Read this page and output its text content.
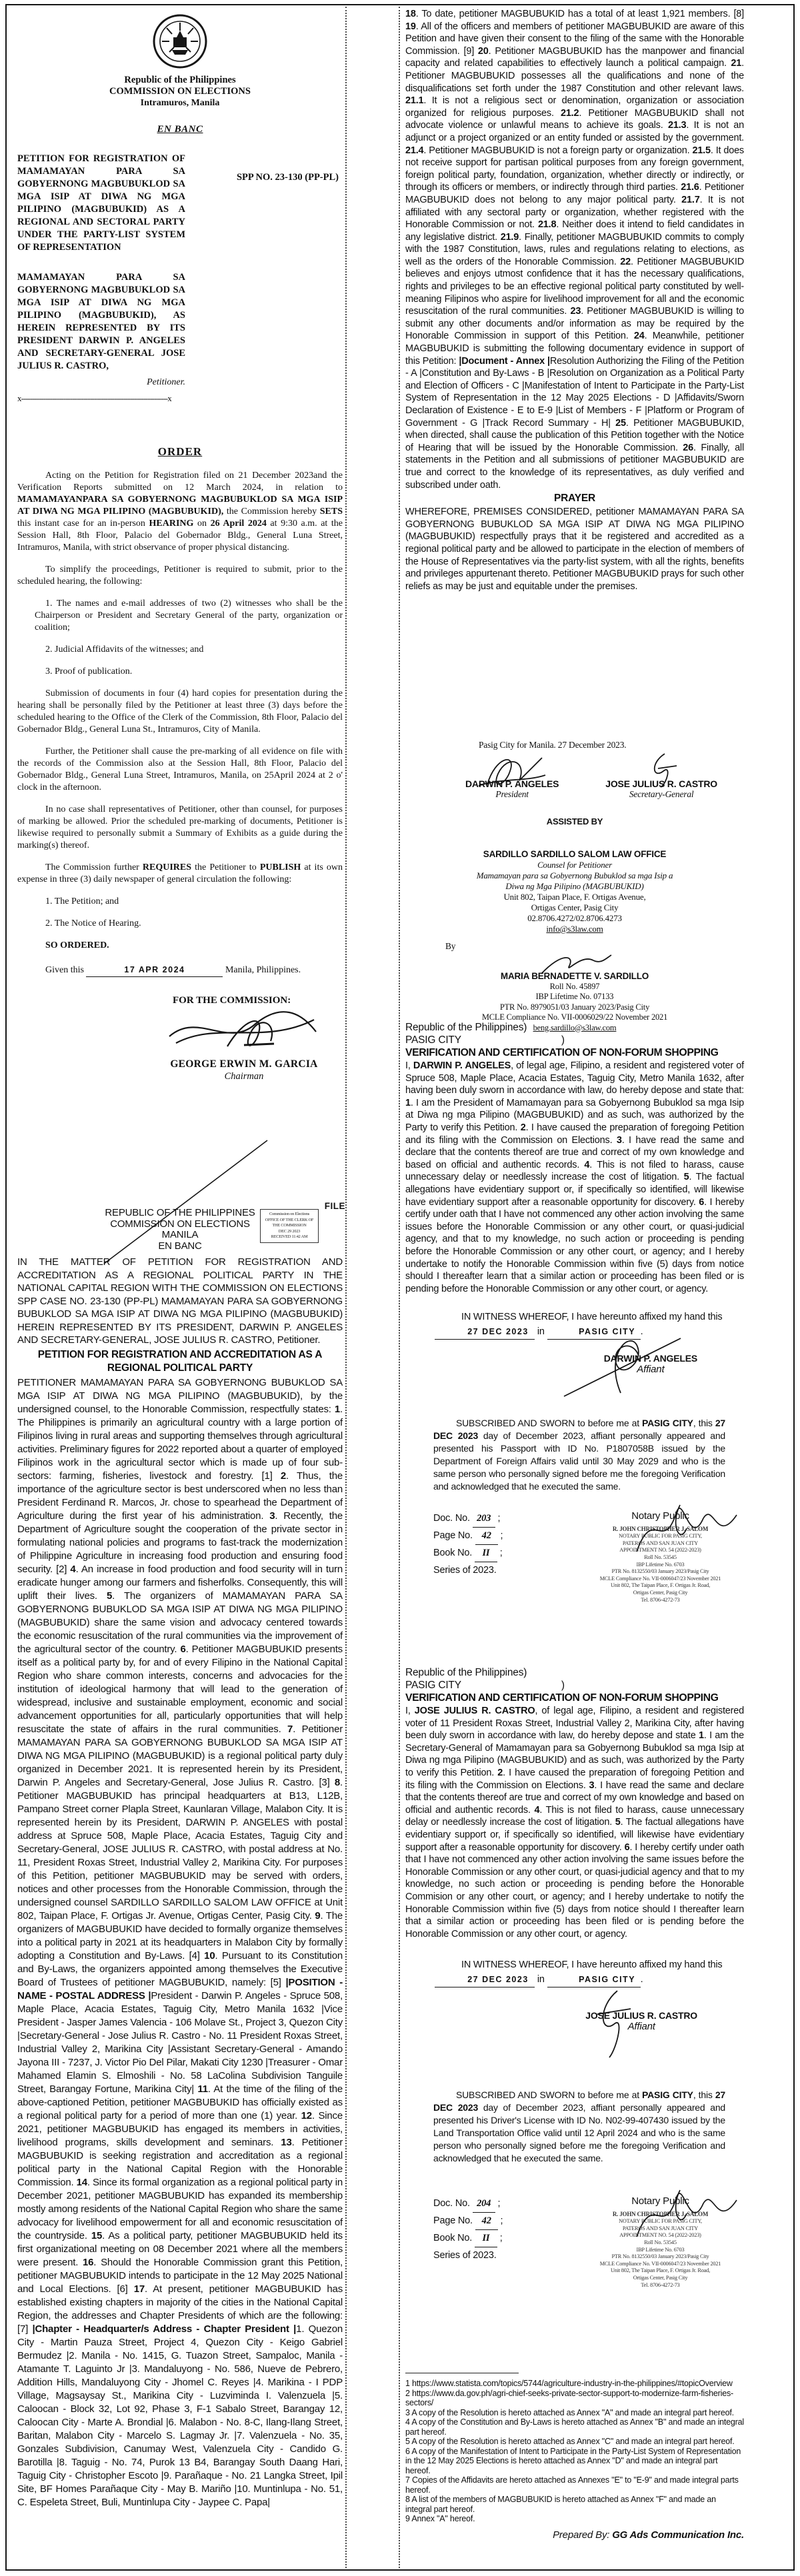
Republic of the Philippines
COMMISSION ON ELECTIONS
Intramuros, Manila
EN BANC
PETITION FOR REGISTRATION OF MAMAMAYAN PARA SA GOBYERNONG MAGBUBUKLOD SA MGA ISIP AT DIWA NG MGA PILIPINO (MAGBUBUKID) AS A REGIONAL AND SECTORAL PARTY UNDER THE PARTY-LIST SYSTEM OF REPRESENTATION
SPP NO. 23-130 (PP-PL)
MAMAMAYAN PARA SA GOBYERNONG MAGBUBUKLOD SA MGA ISIP AT DIWA NG MGA PILIPINO (MAGBUBUKID), AS HEREIN REPRESENTED BY ITS PRESIDENT DARWIN P. ANGELES AND SECRETARY-GENERAL JOSE JULIUS R. CASTRO,
Petitioner.
x------------------------------------------------------------------x
ORDER

Acting on the Petition for Registration filed on 21 December 2023and the Verification Reports submitted on 12 March 2024, in relation to MAMAMAYANPARA SA GOBYERNONG MAGBUBUKLOD SA MGA ISIP AT DIWA NG MGA PILIPINO (MAGBUBUKID), the Commission hereby SETS this instant case for an in-person HEARING on 26 April 2024 at 9:30 a.m. at the Session Hall, 8th Floor, Palacio del Gobernador Bldg., General Luna Street, Intramuros, Manila, with strict observance of proper physical distancing.

To simplify the proceedings, Petitioner is required to submit, prior to the scheduled hearing, the following:

1. The names and e-mail addresses of two (2) witnesses who shall be the Chairperson or President and Secretary General of the party, organization or coalition;

2. Judicial Affidavits of the witnesses; and

3. Proof of publication.

Submission of documents in four (4) hard copies for presentation during the hearing shall be personally filed by the Petitioner at least three (3) days before the scheduled hearing to the Office of the Clerk of the Commission, 8th Floor, Palacio del Gobernador Bldg., General Luna St., Intramuros, City of Manila.

Further, the Petitioner shall cause the pre-marking of all evidence on file with the records of the Commission also at the Session Hall, 8th Floor, Palacio del Gobernador Bldg., General Luna Street, Intramuros, Manila, on 25April 2024 at 2 o' clock in the afternoon.

In no case shall representatives of Petitioner, other than counsel, for purposes of marking be allowed. Prior the scheduled pre-marking of documents, Petitioner is likewise required to personally submit a Summary of Exhibits as a guide during the marking(s) thereof.

The Commission further REQUIRES the Petitioner to PUBLISH at its own expense in three (3) daily newspaper of general circulation the following:

1. The Petition; and

2. The Notice of Hearing.

SO ORDERED.

Given this	17 APR 2024	Manila, Philippines.

FOR THE COMMISSION:
GEORGE ERWIN M. GARCIA
Chairman
FILE
Commission on Elections
OFFICE OF THE CLERK OF THE COMMISSION
DEC 29 2023
RECEIVED 11:42 AM
REPUBLIC OF THE PHILIPPINES
COMMISSION ON ELECTIONS
MANILA
EN BANC
IN THE MATTER OF PETITION FOR REGISTRATION AND ACCREDITATION AS A REGIONAL POLITICAL PARTY IN THE NATIONAL CAPITAL REGION WITH THE COMMISSION ON ELECTIONS SPP CASE NO. 23-130 (PP-PL) MAMAMAYAN PARA SA GOBYERNONG BUBUKLOD SA MGA ISIP AT DIWA NG MGA PILIPINO (MAGBUBUKID) HEREIN REPRESENTED BY ITS PRESIDENT, DARWIN P. ANGELES AND SECRETARY-GENERAL, JOSE JULIUS R. CASTRO, Petitioner.
PETITION FOR REGISTRATION AND ACCREDITATION AS A REGIONAL POLITICAL PARTY
PETITIONER MAMAMAYAN PARA SA GOBYERNONG BUBUKLOD SA MGA ISIP AT DIWA NG MGA PILIPINO (MAGBUBUKID), by the undersigned counsel, to the Honorable Commission, respectfully states: 1. The Philippines is primarily an agricultural country with a large portion of Filipinos living in rural areas and supporting themselves through agricultural activities. Preliminary figures for 2022 reported about a quarter of employed Filipinos work in the agricultural sector which is made up of four sub-sectors: farming, fisheries, livestock and forestry. [1] 2. Thus, the importance of the agriculture sector is best underscored when no less than President Ferdinand R. Marcos, Jr. chose to spearhead the Department of Agriculture during the first year of his administration. 3. Recently, the Department of Agriculture sought the cooperation of the private sector in formulating national policies and programs to fast-track the modernization of Philippine Agriculture in increasing food production and ensuring food security. [2] 4. An increase in food production and food security will in turn eradicate hunger among our farmers and fisherfolks. Consequently, this will uplift their lives. 5. The organizers of MAMAMAYAN PARA SA GOBYERNONG BUBUKLOD SA MGA ISIP AT DIWA NG MGA PILIPINO (MAGBUBUKID) share the same vision and advocacy centered towards the economic resuscitation of the rural communities via the improvement of the agricultural sector of the country. 6. Petitioner MAGBUBUKID presents itself as a political party by, for and of every Filipino in the National Capital Region who share common interests, concerns and advocacies for the institution of ideological harmony that will lead to the generation of widespread, inclusive and sustainable employment, economic and social advancement opportunities for all, particularly opportunities that will help resuscitate the state of affairs in the rural communities. 7. Petitioner MAMAMAYAN PARA SA GOBYERNONG BUBUKLOD SA MGA ISIP AT DIWA NG MGA PILIPINO (MAGBUBUKID) is a regional political party duly organized in December 2021. It is represented herein by its President, Darwin P. Angeles and Secretary-General, Jose Julius R. Castro. [3] 8. Petitioner MAGBUBUKID has principal headquarters at B13, L12B, Pampano Street corner Plapla Street, Kaunlaran Village, Malabon City. It is represented herein by its President, DARWIN P. ANGELES with postal address at Spruce 508, Maple Place, Acacia Estates, Taguig City and Secretary-General, JOSE JULIUS R. CASTRO, with postal address at No. 11, President Roxas Street, Industrial Valley 2, Marikina City. For purposes of this Petition, petitioner MAGBUBUKID may be served with orders, notices and other processes from the Honorable Commission, through the undersigned counsel SARDILLO SARDILLO SALOM LAW OFFICE at Unit 802, Taipan Place, F. Ortigas Jr. Avenue, Ortigas Center, Pasig City. 9. The organizers of MAGBUBUKID have decided to formally organize themselves into a political party in 2021 at its headquarters in Malabon City by formally adopting a Constitution and By-Laws. [4] 10. Pursuant to its Constitution and By-Laws, the organizers appointed among themselves the Executive Board of Trustees of petitioner MAGBUBUKID, namely: [5] |POSITION - NAME - POSTAL ADDRESS |President - Darwin P. Angeles - Spruce 508, Maple Place, Acacia Estates, Taguig City, Metro Manila 1632 |Vice President - Jasper James Valencia - 106 Molave St., Project 3, Quezon City |Secretary-General - Jose Julius R. Castro - No. 11 President Roxas Street, Industrial Valley 2, Marikina City |Assistant Secretary-General - Amando Jayona III - 7237, J. Victor Pio Del Pilar, Makati City 1230 |Treasurer - Omar Mahamed Elamin S. Elmoshili - No. 58 LaColina Subdivision Tanguile Street, Barangay Fortune, Marikina City| 11. At the time of the filing of the above-captioned Petition, petitioner MAGBUBUKID has officially existed as a regional political party for a period of more than one (1) year. 12. Since 2021, petitioner MAGBUBUKID has engaged its members in activities, livelihood programs, skills development and seminars. 13. Petitioner MAGBUBUKID is seeking registration and accreditation as a regional political party in the National Capital Region with the Honorable Commission. 14. Since its formal organization as a regional political party in December 2021, petitioner MAGBUBUKID has expanded its membership mostly among residents of the National Capital Region who share the same advocacy for livelihood empowerment for all and economic resuscitation of the countryside. 15. As a political party, petitioner MAGBUBUKID held its first organizational meeting on 08 December 2021 where all the members were present. 16. Should the Honorable Commission grant this Petition, petitioner MAGBUBUKID intends to participate in the 12 May 2025 National and Local Elections. [6] 17. At present, petitioner MAGBUBUKID has established existing chapters in majority of the cities in the National Capital Region, the addresses and Chapter Presidents of which are the following: [7] |Chapter - Headquarter/s Address - Chapter President |1. Quezon City - Martin Pauza Street, Project 4, Quezon City - Keigo Gabriel Bermudez |2. Manila - No. 1415, G. Tuazon Street, Sampaloc, Manila - Atamante T. Laguinto Jr |3. Mandaluyong - No. 586, Nueve de Pebrero, Addition Hills, Mandaluyong City - Jhomel C. Reyes |4. Marikina - I PDP Village, Magsaysay St., Marikina City - Luzviminda I. Valenzuela |5. Caloocan - Block 32, Lot 92, Phase 3, F-1 Sabalo Street, Barangay 12, Caloocan City - Marte A. Brondial |6. Malabon - No. 8-C, Ilang-Ilang Street, Baritan, Malabon City - Marcelo S. Lagmay Jr. |7. Valenzuela - No. 35, Gonzales Subdivision, Canumay West, Valenzuela City - Candido G. Barotilla |8. Taguig - No. 74, Purok 13 B4, Barangay South Daang Hari, Taguig City - Christopher Escoto |9. Parañaque - No. 21 Langka Street, Ipil Site, BF Homes Parañaque City - May B. Mariño |10. Muntinlupa - No. 51, C. Espeleta Street, Buli, Muntinlupa City - Jaypee C. Papa|
18. To date, petitioner MAGBUBUKID has a total of at least 1,921 members. [8] 19. All of the officers and members of petitioner MAGBUBUKID are aware of this Petition and have given their consent to the filing of the same with the Honorable Commission. [9] 20. Petitioner MAGBUBUKID has the manpower and financial capacity and related capabilities to effectively launch a political campaign. 21. Petitioner MAGBUBUKID possesses all the qualifications and none of the disqualifications set forth under the 1987 Constitution and other relevant laws. 21.1. It is not a religious sect or denomination, organization or association organized for religious purposes. 21.2. Petitioner MAGBUBUKID shall not advocate violence or unlawful means to achieve its goals. 21.3. It is not an adjunct or a project organized or an entity funded or assisted by the government. 21.4. Petitioner MAGBUBUKID is not a foreign party or organization. 21.5. It does not receive support for partisan political purposes from any foreign government, foreign political party, foundation, organization, whether directly or indirectly, or through its officers or members, or indirectly through third parties. 21.6. Petitioner MAGBUBUKID does not belong to any major political party. 21.7. It is not affiliated with any sectoral party or organization, whether registered with the Honorable Commission or not. 21.8. Neither does it intend to field candidates in any legislative district. 21.9. Finally, petitioner MAGBUBUKID commits to comply with the 1987 Constitution, laws, rules and regulations relating to elections, as well as the orders of the Honorable Commission. 22. Petitioner MAGBUBUKID believes and enjoys utmost confidence that it has the necessary qualifications, rights and privileges to be an effective regional political party constituted by well-meaning Filipinos who aspire for livelihood improvement for all and the economic resuscitation of the rural communities. 23. Petitioner MAGBUBUKID is willing to submit any other documents and/or information as may be required by the Honorable Commission in support of this Petition. 24. Meanwhile, petitioner MAGBUBUKID is submitting the following documentary evidence in support of this Petition: |Document - Annex |Resolution Authorizing the Filing of the Petition - A |Constitution and By-Laws - B |Resolution on Organization as a Political Party and Election of Officers - C |Manifestation of Intent to Participate in the Party-List System of Representation in the 12 May 2025 Elections - D |Affidavits/Sworn Declaration of Existence - E to E-9 |List of Members - F |Platform or Program of Government - G |Track Record Summary - H| 25. Petitioner MAGBUBUKID, when directed, shall cause the publication of this Petition together with the Notice of Hearing that will be issued by the Honorable Commission. 26. Finally, all statements in the Petition and all submissions of petitioner MAGBUBUKID are true and correct to the knowledge of its representatives, as duly verified and subscribed under oath.
PRAYER
WHEREFORE, PREMISES CONSIDERED, petitioner MAMAMAYAN PARA SA GOBYERNONG BUBUKLOD SA MGA ISIP AT DIWA NG MGA PILIPINO (MAGBUBUKID) respectfully prays that it be registered and accredited as a regional political party and be allowed to participate in the election of members of the House of Representatives via the party-list system, with all the rights, benefits and privileges appurtenant thereto. Petitioner MAGBUBUKID prays for such other reliefs as may be just and equitable under the premises.
Pasig City for Manila. 27 December 2023.
DARWIN P. ANGELES
President
JOSE JULIUS R. CASTRO
Secretary-General
ASSISTED BY
SARDILLO SARDILLO SALOM LAW OFFICE
Counsel for Petitioner
Mamamayan para sa Gobyernong Bubuklod sa mga Isip a
Diwa ng Mga Pilipino (MAGBUBUKID)
Unit 802, Taipan Place, F. Ortigas Avenue,
Ortigas Center, Pasig City
02.8706.4272/02.8706.4273
info@s3law.com
By
MARIA BERNADETTE V. SARDILLO
Roll No. 45897
IBP Lifetime No. 07133
PTR No. 8979051/03 January 2023/Pasig City
MCLE Compliance No. VII-0006029/22 November 2021
beng.sardillo@s3law.com
Republic of the Philippines)
PASIG CITY	)
VERIFICATION AND CERTIFICATION OF NON-FORUM SHOPPING
I, DARWIN P. ANGELES, of legal age, Filipino, a resident and registered voter of Spruce 508, Maple Place, Acacia Estates, Taguig City, Metro Manila 1632, after having been duly sworn in accordance with law, do hereby depose and state that: 1. I am the President of Mamamayan para sa Gobyernong Bubuklod sa mga Isip at Diwa ng mga Pilipino (MAGBUBUKID) and as such, was authorized by the Party to verify this Petition. 2. I have caused the preparation of foregoing Petition and its filing with the Commission on Elections. 3. I have read the same and declare that the contents thereof are true and correct of my own knowledge and based on official and authentic records. 4. This is not filed to harass, cause unnecessary delay or needlessly increase the cost of litigation. 5. The factual allegations have evidentiary support or, if specifically so identified, will likewise have evidentiary support after a reasonable opportunity for discovery. 6. I hereby certify under oath that I have not commenced any other action involving the same issues before the Honorable Commission or any other court, or quasi-judicial agency, and that to my knowledge, no such action or proceeding is pending before the Honorable Commission or any other court, or agency; and I hereby undertake to notify the Honorable Commission within five (5) days from notice should I thereafter learn that a similar action or proceeding has been filed or is pending before the Honorable Commission or any other court, or agency.
IN WITNESS WHEREOF, I have hereunto affixed my hand this 27 DEC 2023 in	PASIG CITY .
DARWIN P. ANGELES
Affiant
SUBSCRIBED AND SWORN to before me at PASIG CITY, this 27 DEC 2023 day of December 2023, affiant personally appeared and presented his Passport with ID No. P1807058B issued by the Department of Foreign Affairs valid until 30 May 2029 and who is the same person who personally signed before me the foregoing Verification and acknowledged that he executed the same.
Doc. No. 203 ;
Page No. 42 ;
Book No. II ;
Series of 2023.
Notary Public
R. JOHN CHRISTOPHER J. SALOM
NOTARY PUBLIC FOR PASIG CITY,
PATEROS AND SAN JUAN CITY
APPOINTMENT NO. 54 (2022-2023)
Roll No. 53545
IBP Lifetime No. 6703
PTR No. 8132550/03 January 2023/Pasig City
MCLE Compliance No. VII-0006047/23 November 2021
Unit 802, The Taipan Place, F. Ortigas Jr. Road,
Ortigas Center, Pasig City
Tel. 8706-4272-73
Republic of the Philippines)
PASIG CITY	)
VERIFICATION AND CERTIFICATION OF NON-FORUM SHOPPING
I, JOSE JULIUS R. CASTRO, of legal age, Filipino, a resident and registered voter of 11 President Roxas Street, Industrial Valley 2, Marikina City, after having been duly sworn in accordance with law, do hereby depose and state 1. I am the Secretary-General of Mamamayan para sa Gobyernong Bubuklod sa mga Isip at Diwa ng mga Pilipino (MAGBUBUKID) and as such, was authorized by the Party to verify this Petition. 2. I have caused the preparation of foregoing Petition and its filing with the Commission on Elections. 3. I have read the same and declare that the contents thereof are true and correct of my own knowledge and based on official and authentic records. 4. This is not filed to harass, cause unnecessary delay or needlessly increase the cost of litigation. 5. The factual allegations have evidentiary support or, if specifically so identified, will likewise have evidentiary support after a reasonable opportunity for discovery. 6. I hereby certify under oath that I have not commenced any other action involving the same issues before the Honorable Commission or any other court, or quasi-judicial agency and that to my knowledge, no such action or proceeding is pending before the Honorable Commision or any other court, or agency; and I hereby undertake to notify the Honorable Commission within five (5) days from notice should I thereafter learn that a similar action or proceeding has been filed or is pending before the Honorable Commission or any other court, or agency.
IN WITNESS WHEREOF, I have hereunto affixed my hand this 27 DEC 2023 in	PASIG CITY .
JOSE JULIUS R. CASTRO
Affiant
SUBSCRIBED AND SWORN to before me at PASIG CITY, this 27 DEC 2023 day of December 2023, affiant personally appeared and presented his Driver's License with ID No. N02-99-407430 issued by the Land Transportation Office valid until 12 April 2024 and who is the same person who personally signed before me the foregoing Verification and acknowledged that he executed the same.
Doc. No. 204 ;
Page No. 42 ;
Book No. II ;
Series of 2023.
Notary Public
R. JOHN CHRISTOPHER J. SALOM
NOTARY PUBLIC FOR PASIG CITY,
PATEROS AND SAN JUAN CITY
APPOINTMENT NO. 54 (2022-2023)
Roll No. 53545
IBP Lifetime No. 6703
PTR No. 8132550/03 January 2023/Pasig City
MCLE Compliance No. VII-0006047/23 November 2021
Unit 802, The Taipan Place, F. Ortigas Jr. Road,
Ortigas Center, Pasig City
Tel. 8706-4272-73
1 https://www.statista.com/topics/5744/agriculture-industry-in-the-philippines/#topicOverview
2 https://www.da.gov.ph/agri-chief-seeks-private-sector-support-to-modernize-farm-fisheries-sectors/
3 A copy of the Resolution is hereto attached as Annex "A" and made an integral part hereof.
4 A copy of the Constitution and By-Laws is hereto attached as Annex "B" and made an integral part hereof.
5 A copy of the Resolution is hereto attached as Annex "C" and made an integral part hereof.
6 A copy of the Manifestation of Intent to Participate in the Party-List System of Representation in the 12 May 2025 Elections is hereto attached as Annex "D" and made an integral part hereof.
7 Copies of the Affidavits are hereto attached as Annexes "E" to "E-9" and made integral parts hereof.
8 A list of the members of MAGBUBUKID is hereto attached as Annex "F" and made an integral part hereof.
9 Annex "A" hereof.
Prepared By: GG Ads Communication Inc.
